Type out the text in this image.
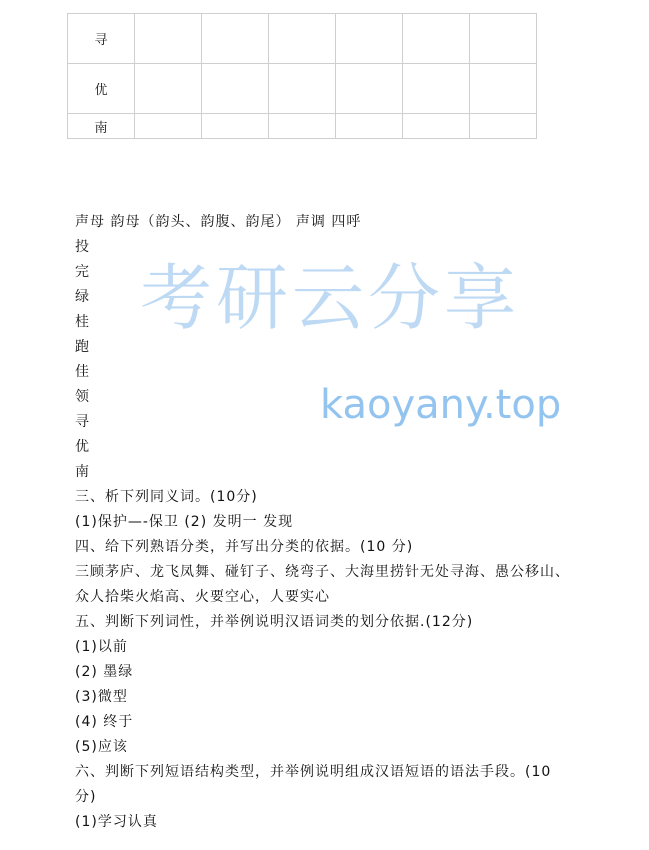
寻						
优						
南						
声母 韵母（韵头、韵腹、韵尾） 声调 四呼
投
完
绿
桂
跑
佳
领
寻
优
南
三、析下列同义词。(10分)
(1)保护—-保卫 (2) 发明一 发现
四、给下列熟语分类，并写出分类的依据。(10 分)
三顾茅庐、龙飞凤舞、碰钉子、绕弯子、大海里捞针无处寻海、愚公移山、
众人拾柴火焰高、火要空心，人要实心
五、判断下列词性，并举例说明汉语词类的划分依据.(12分)
(1)以前
(2) 墨绿
(3)微型
(4) 终于
(5)应该
六、判断下列短语结构类型，并举例说明组成汉语短语的语法手段。(10
分)
(1)学习认真
考研云分享
kaoyany.top
